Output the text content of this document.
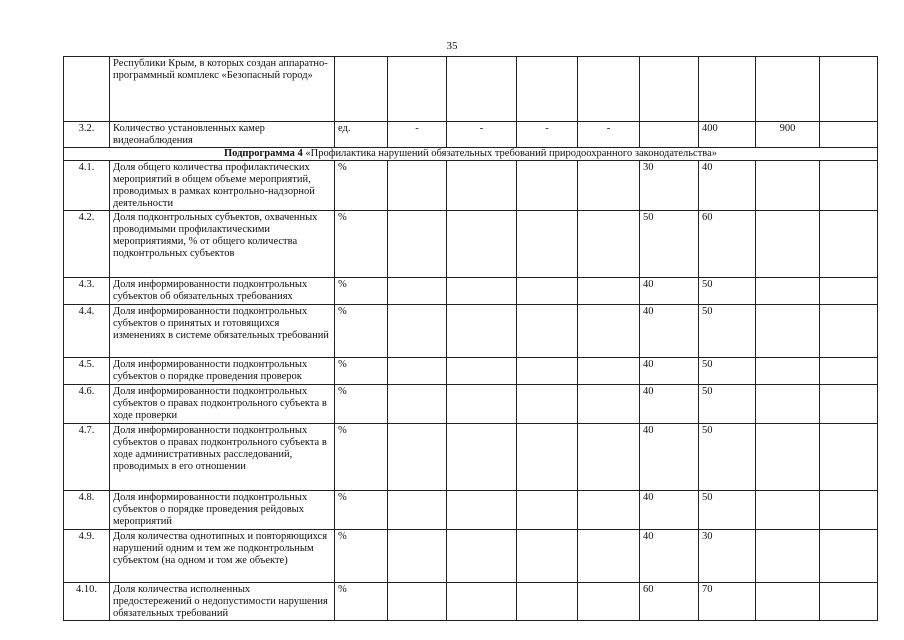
35
	Республики Крым, в которых создан аппаратно-программный комплекс «Безопасный город»									
3.2.	Количество установленных камер видеонаблюдения	ед.	-	-	-	-		400	900	
Подпрограмма 4 «Профилактика нарушений обязательных требований природоохранного законодательства»										
4.1.	Доля общего количества профилактических мероприятий в общем объеме мероприятий, проводимых в рамках контрольно-надзорной деятельности	%					30	40		
4.2.	Доля подконтрольных субъектов, охваченных проводимыми профилактическими мероприятиями, % от общего количества подконтрольных субъектов	%					50	60		
4.3.	Доля информированности подконтрольных субъектов об обязательных требованиях	%					40	50		
4.4.	Доля информированности подконтрольных субъектов о принятых и готовящихся изменениях в системе обязательных требований	%					40	50		
4.5.	Доля информированности подконтрольных субъектов о порядке проведения проверок	%					40	50		
4.6.	Доля информированности подконтрольных субъектов о правах подконтрольного субъекта в ходе проверки	%					40	50		
4.7.	Доля информированности подконтрольных субъектов о правах подконтрольного субъекта в ходе административных расследований, проводимых в его отношении	%					40	50		
4.8.	Доля информированности подконтрольных субъектов о порядке проведения рейдовых мероприятий	%					40	50		
4.9.	Доля количества однотипных и повторяющихся нарушений одним и тем же подконтрольным субъектом (на одном и том же объекте)	%					40	30		
4.10.	Доля количества исполненных предостережений о недопустимости нарушения обязательных требований	%					60	70		
